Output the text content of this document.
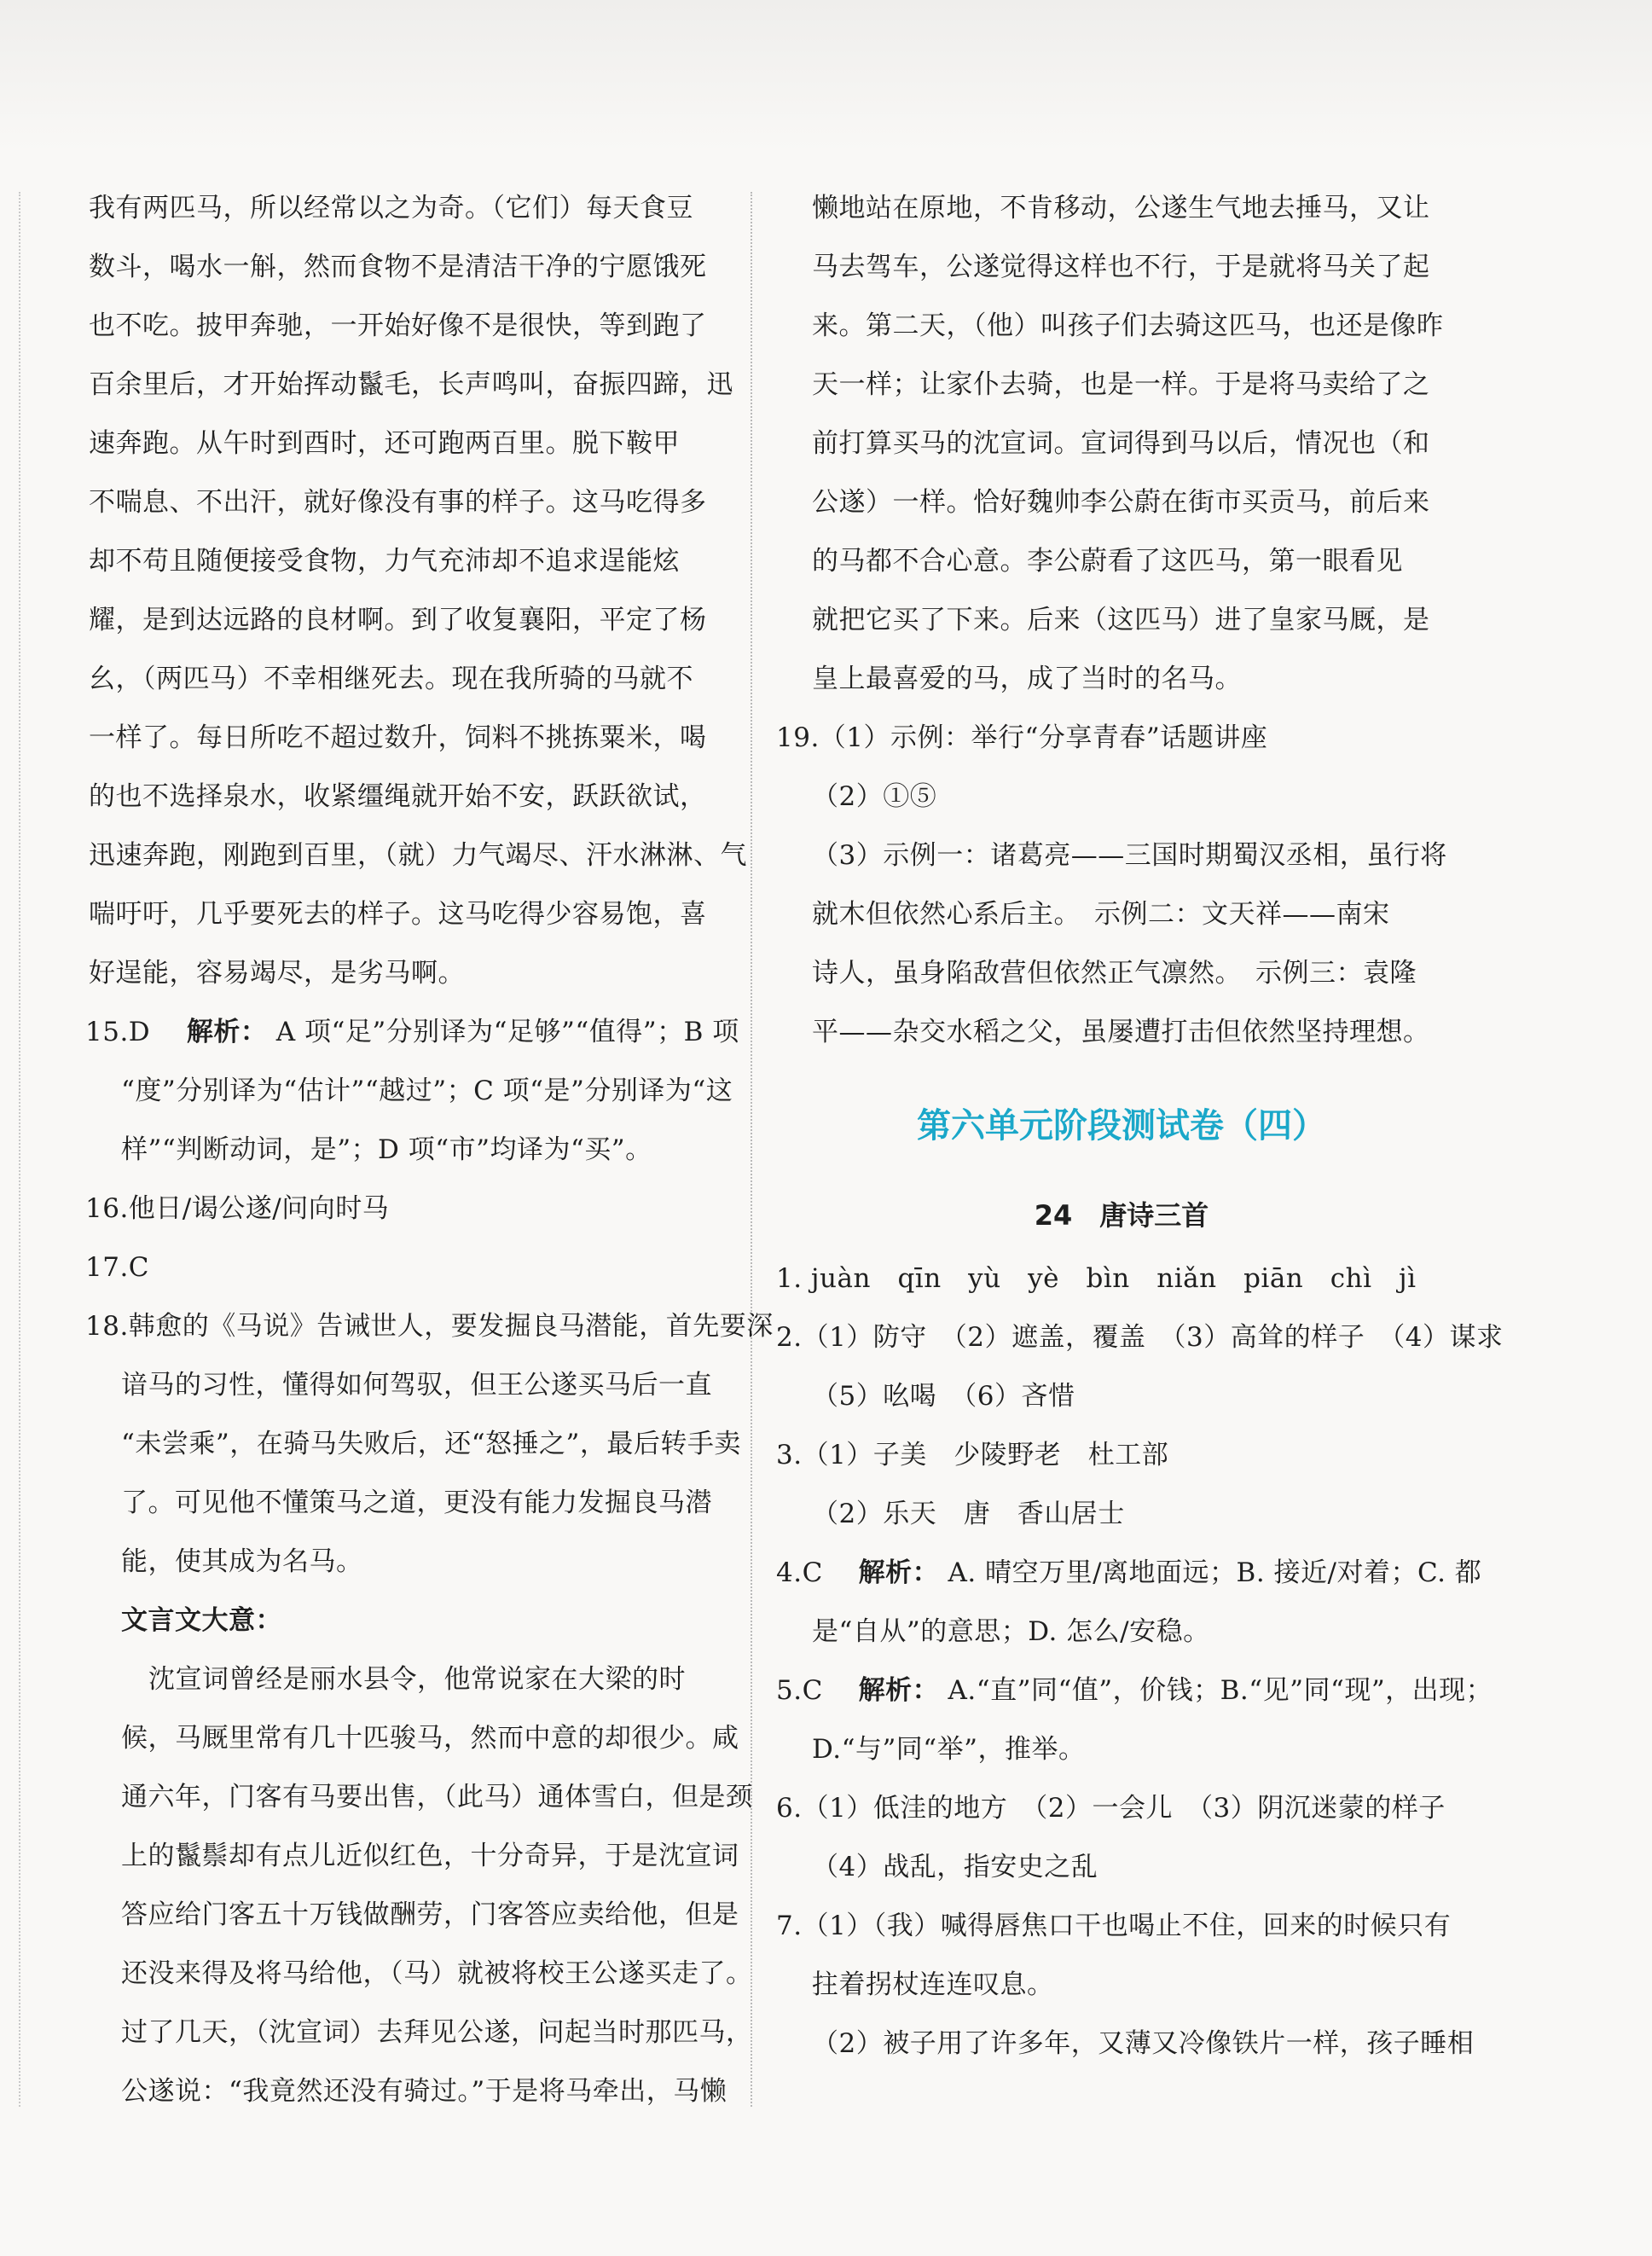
我有两匹马，所以经常以之为奇。（它们）每天食豆
数斗，喝水一斛，然而食物不是清洁干净的宁愿饿死
也不吃。披甲奔驰，一开始好像不是很快，等到跑了
百余里后，才开始挥动鬣毛，长声鸣叫，奋振四蹄，迅
速奔跑。从午时到酉时，还可跑两百里。脱下鞍甲
不喘息、不出汗，就好像没有事的样子。这马吃得多
却不苟且随便接受食物，力气充沛却不追求逞能炫
耀，是到达远路的良材啊。到了收复襄阳，平定了杨
幺，（两匹马）不幸相继死去。现在我所骑的马就不
一样了。每日所吃不超过数升，饲料不挑拣粟米，喝
的也不选择泉水，收紧缰绳就开始不安，跃跃欲试，
迅速奔跑，刚跑到百里，（就）力气竭尽、汗水淋淋、气
喘吁吁，几乎要死去的样子。这马吃得少容易饱，喜
好逞能，容易竭尽，是劣马啊。
15.D 解析： A 项“足”分别译为“足够”“值得”；B 项
“度”分别译为“估计”“越过”；C 项“是”分别译为“这
样”“判断动词，是”；D 项“市”均译为“买”。
16.他日/谒公遂/问向时马
17.C
18.韩愈的《马说》告诫世人，要发掘良马潜能，首先要深
谙马的习性，懂得如何驾驭，但王公遂买马后一直
“未尝乘”，在骑马失败后，还“怒捶之”，最后转手卖
了。可见他不懂策马之道，更没有能力发掘良马潜
能，使其成为名马。
文言文大意：
沈宣词曾经是丽水县令，他常说家在大梁的时
候，马厩里常有几十匹骏马，然而中意的却很少。咸
通六年，门客有马要出售，（此马）通体雪白，但是颈
上的鬣鬃却有点儿近似红色，十分奇异，于是沈宣词
答应给门客五十万钱做酬劳，门客答应卖给他，但是
还没来得及将马给他，（马）就被将校王公遂买走了。
过了几天，（沈宣词）去拜见公遂，问起当时那匹马，
公遂说：“我竟然还没有骑过。”于是将马牵出，马懒
懒地站在原地，不肯移动，公遂生气地去捶马，又让
马去驾车，公遂觉得这样也不行，于是就将马关了起
来。第二天，（他）叫孩子们去骑这匹马，也还是像昨
天一样；让家仆去骑，也是一样。于是将马卖给了之
前打算买马的沈宣词。宣词得到马以后，情况也（和
公遂）一样。恰好魏帅李公蔚在街市买贡马，前后来
的马都不合心意。李公蔚看了这匹马，第一眼看见
就把它买了下来。后来（这匹马）进了皇家马厩，是
皇上最喜爱的马，成了当时的名马。
19.（1）示例：举行“分享青春”话题讲座
（2）①⑤
（3）示例一：诸葛亮——三国时期蜀汉丞相，虽行将
就木但依然心系后主。　示例二：文天祥——南宋
诗人，虽身陷敌营但依然正气凛然。　示例三：袁隆
平——杂交水稻之父，虽屡遭打击但依然坚持理想。
第六单元阶段测试卷（四）
24　唐诗三首
1. juàn　qīn　yù　yè　bìn　niǎn　piān　chì　jì
2.（1）防守　（2）遮盖，覆盖　（3）高耸的样子　（4）谋求
（5）吆喝　（6）吝惜
3.（1）子美　少陵野老　杜工部
（2）乐天　唐　香山居士
4.C　 解析： A. 晴空万里/离地面远；B. 接近/对着；C. 都
是“自从”的意思；D. 怎么/安稳。
5.C　 解析： A.“直”同“值”，价钱；B.“见”同“现”，出现；
D.“与”同“举”，推举。
6.（1）低洼的地方　（2）一会儿　（3）阴沉迷蒙的样子
（4）战乱，指安史之乱
7.（1）（我）喊得唇焦口干也喝止不住，回来的时候只有
拄着拐杖连连叹息。
（2）被子用了许多年，又薄又冷像铁片一样，孩子睡相
